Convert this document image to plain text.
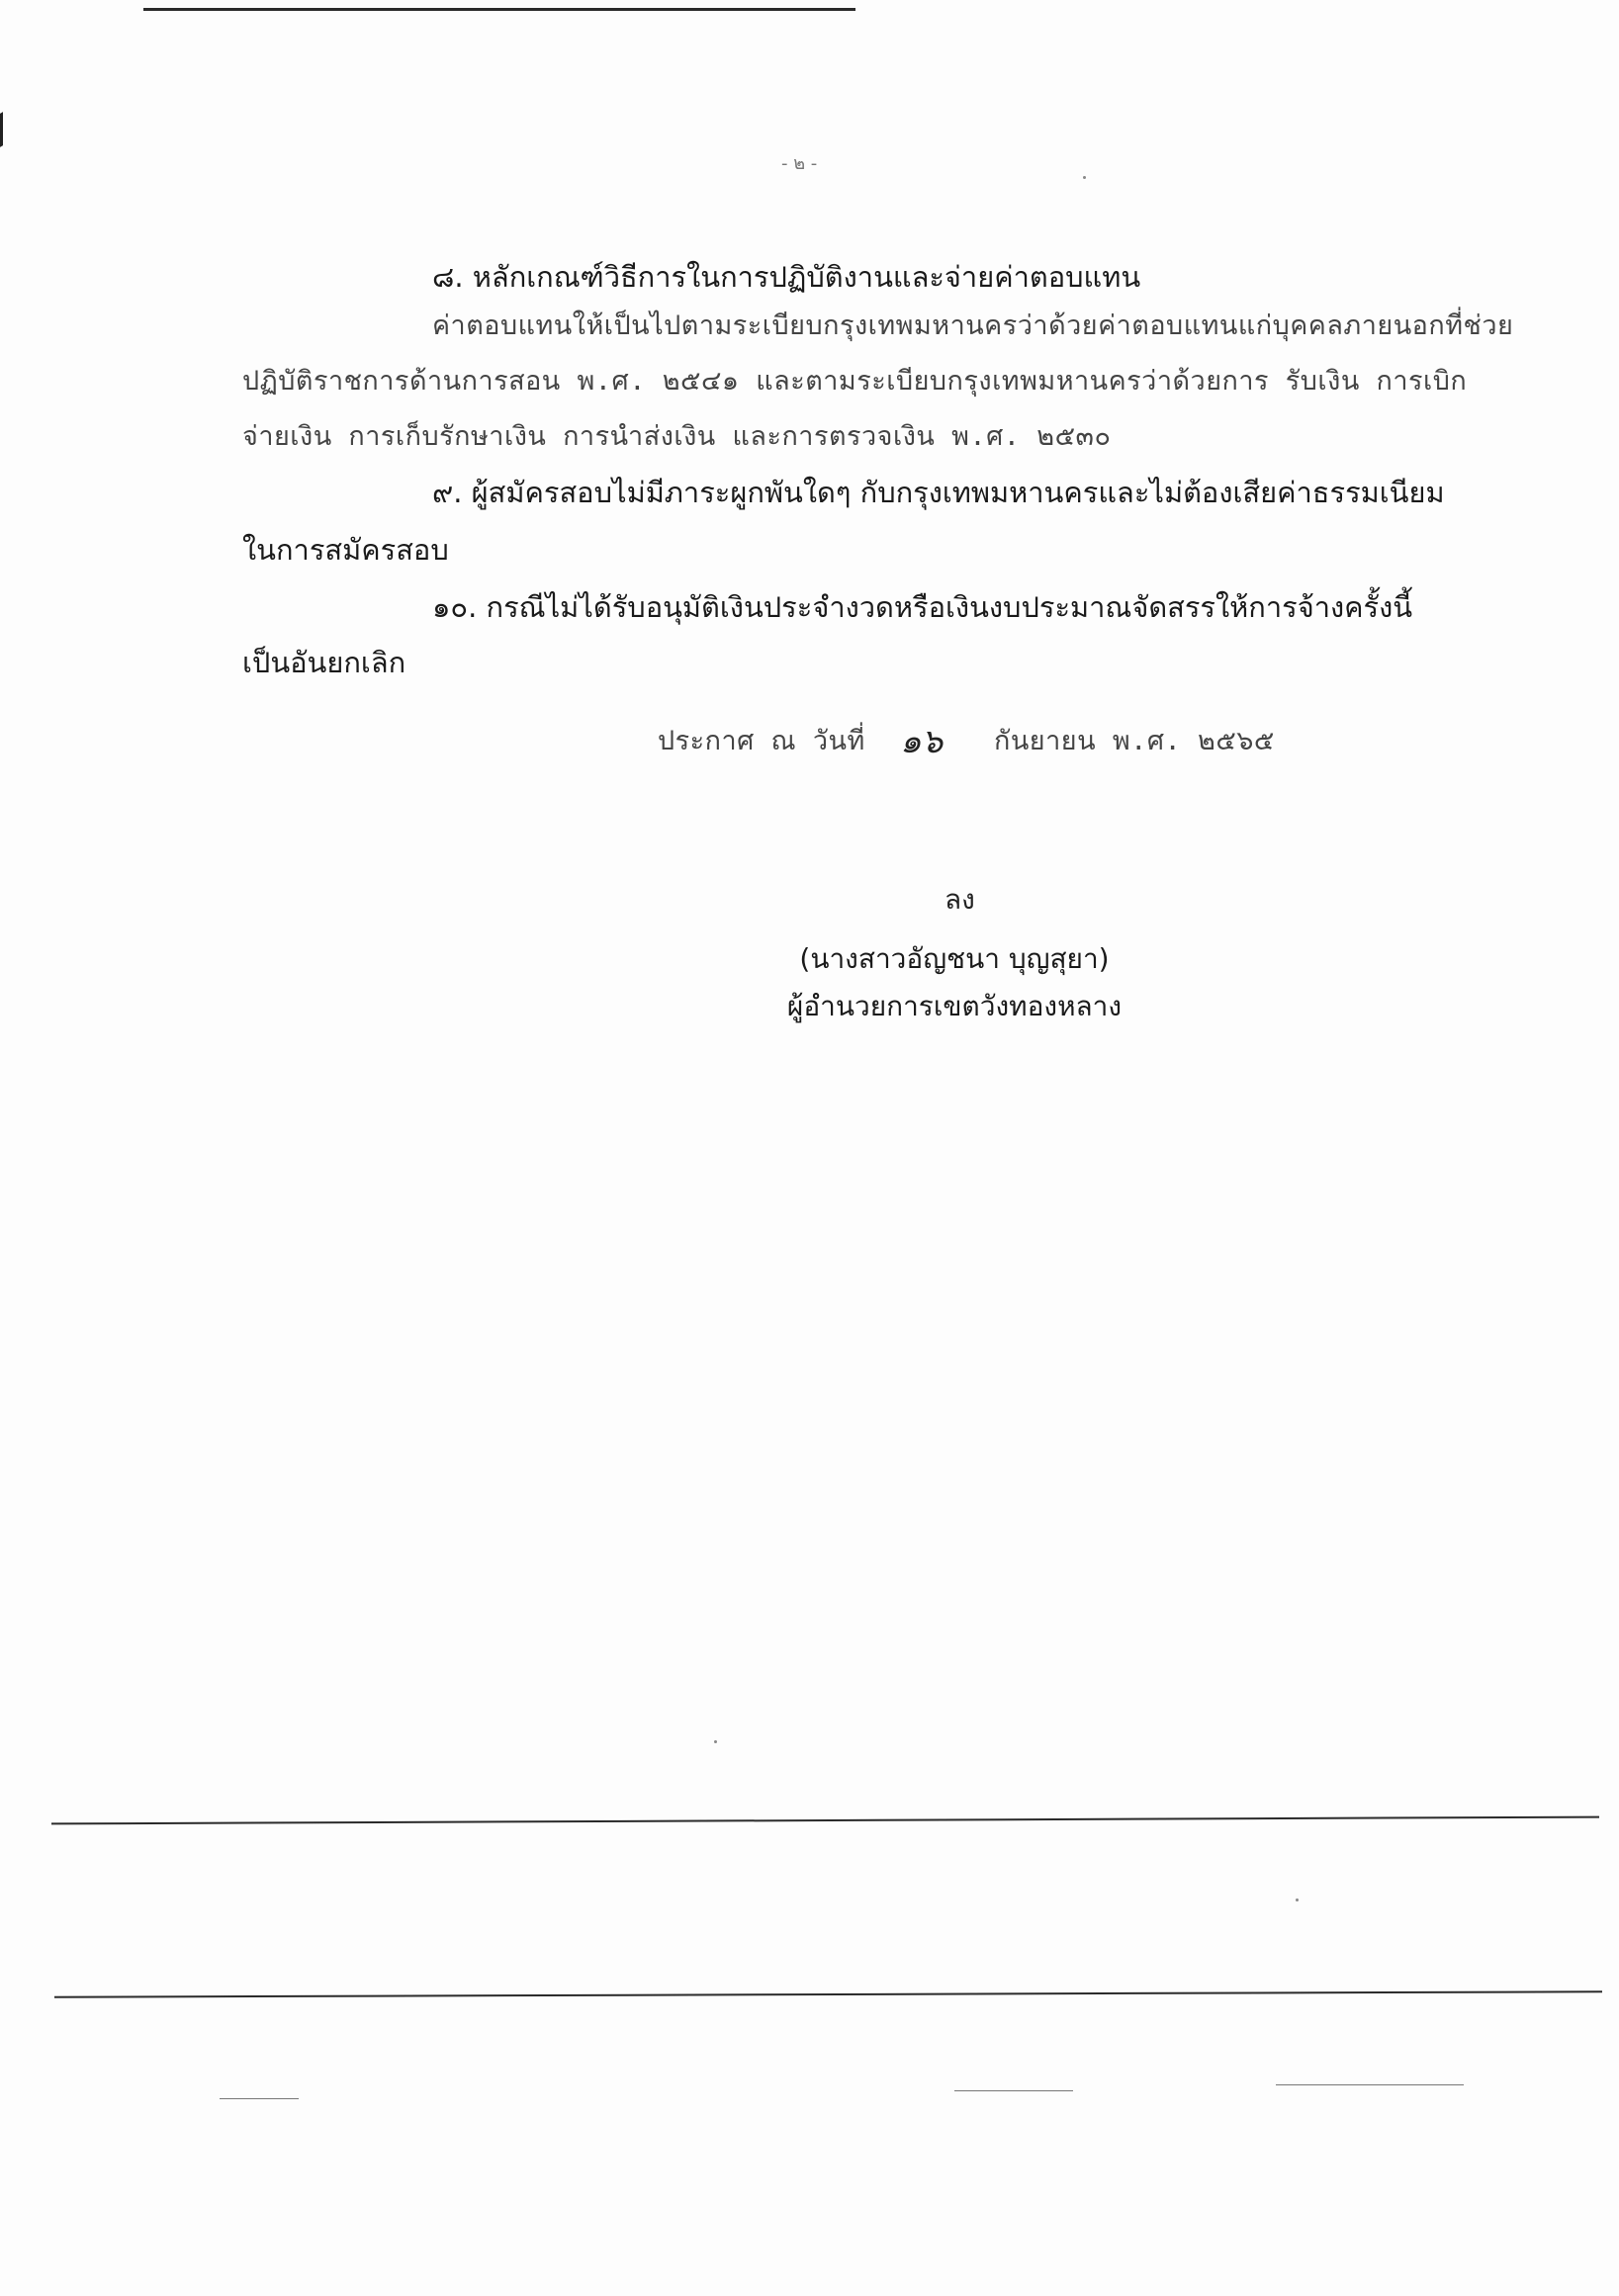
- ๒ -
๘. หลักเกณฑ์วิธีการในการปฏิบัติงานและจ่ายค่าตอบแทน
ค่าตอบแทนให้เป็นไปตามระเบียบกรุงเทพมหานครว่าด้วยค่าตอบแทนแก่บุคคลภายนอกที่ช่วย
ปฏิบัติราชการด้านการสอน พ.ศ. ๒๕๔๑ และตามระเบียบกรุงเทพมหานครว่าด้วยการ รับเงิน การเบิก
จ่ายเงิน การเก็บรักษาเงิน การนำส่งเงิน และการตรวจเงิน พ.ศ. ๒๕๓๐
๙. ผู้สมัครสอบไม่มีภาระผูกพันใดๆ กับกรุงเทพมหานครและไม่ต้องเสียค่าธรรมเนียม
ในการสมัครสอบ
๑๐. กรณีไม่ได้รับอนุมัติเงินประจำงวดหรือเงินงบประมาณจัดสรรให้การจ้างครั้งนี้
เป็นอันยกเลิก
ประกาศ ณ วันที่ ๑๖ กันยายน พ.ศ. ๒๕๖๕
ลง
(นางสาวอัญชนา บุญสุยา)
ผู้อำนวยการเขตวังทองหลาง
